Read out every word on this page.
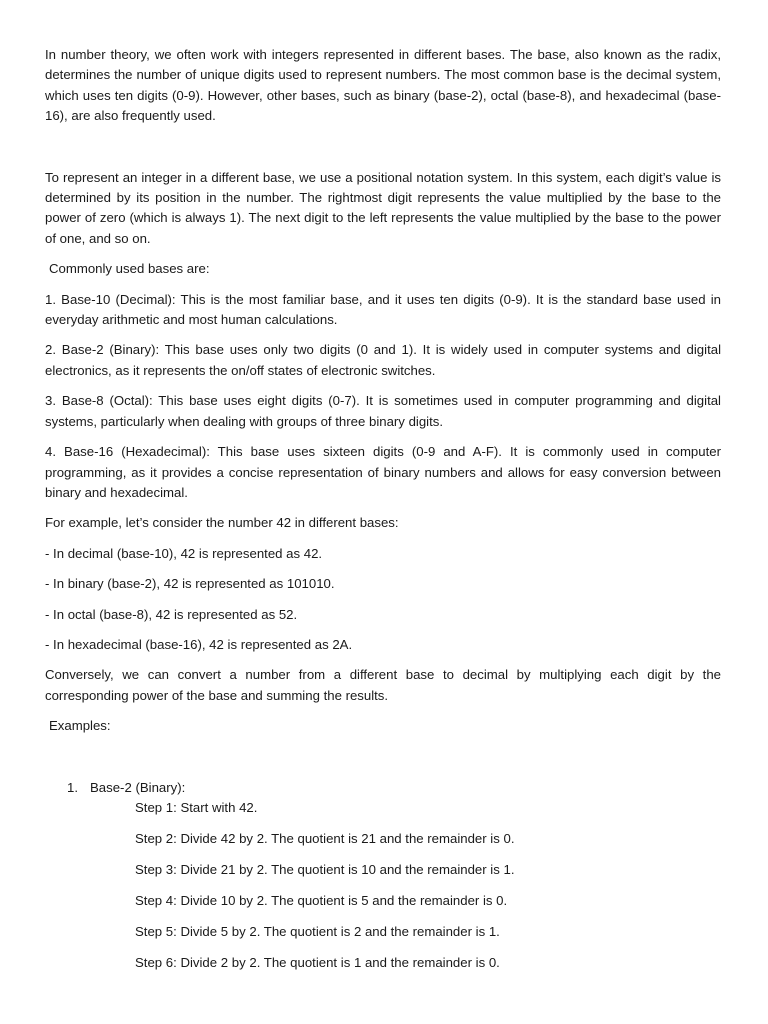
In number theory, we often work with integers represented in different bases. The base, also known as the radix, determines the number of unique digits used to represent numbers. The most common base is the decimal system, which uses ten digits (0-9). However, other bases, such as binary (base-2), octal (base-8), and hexadecimal (base-16), are also frequently used.

To represent an integer in a different base, we use a positional notation system. In this system, each digit’s value is determined by its position in the number. The rightmost digit represents the value multiplied by the base to the power of zero (which is always 1). The next digit to the left represents the value multiplied by the base to the power of one, and so on.

Commonly used bases are:

1. Base-10 (Decimal): This is the most familiar base, and it uses ten digits (0-9). It is the standard base used in everyday arithmetic and most human calculations.

2. Base-2 (Binary): This base uses only two digits (0 and 1). It is widely used in computer systems and digital electronics, as it represents the on/off states of electronic switches.

3. Base-8 (Octal): This base uses eight digits (0-7). It is sometimes used in computer programming and digital systems, particularly when dealing with groups of three binary digits.

4. Base-16 (Hexadecimal): This base uses sixteen digits (0-9 and A-F). It is commonly used in computer programming, as it provides a concise representation of binary numbers and allows for easy conversion between binary and hexadecimal.

For example, let’s consider the number 42 in different bases:

- In decimal (base-10), 42 is represented as 42.

- In binary (base-2), 42 is represented as 101010.

- In octal (base-8), 42 is represented as 52.

- In hexadecimal (base-16), 42 is represented as 2A.

Conversely, we can convert a number from a different base to decimal by multiplying each digit by the corresponding power of the base and summing the results.

Examples:

1. Base-2 (Binary):

Step 1: Start with 42.

Step 2: Divide 42 by 2. The quotient is 21 and the remainder is 0.

Step 3: Divide 21 by 2. The quotient is 10 and the remainder is 1.

Step 4: Divide 10 by 2. The quotient is 5 and the remainder is 0.

Step 5: Divide 5 by 2. The quotient is 2 and the remainder is 1.

Step 6: Divide 2 by 2. The quotient is 1 and the remainder is 0.
